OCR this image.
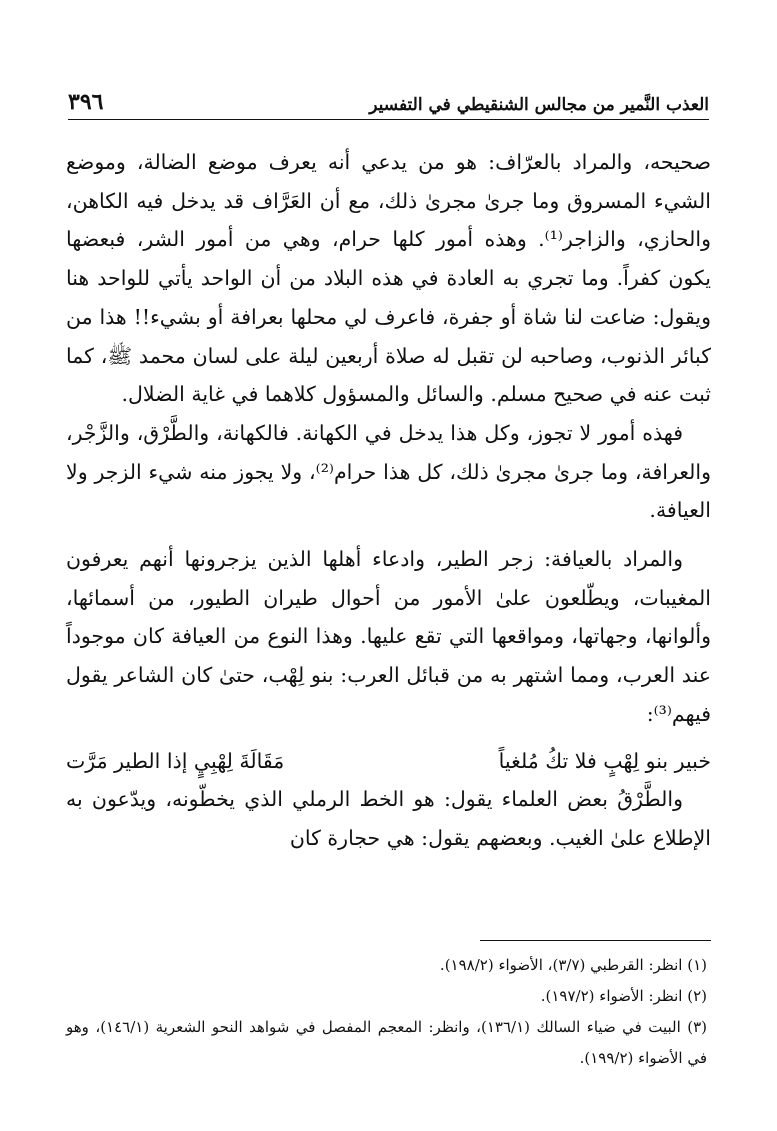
العذب النَّمير من مجالس الشنقيطي في التفسير
٣٩٦

صحيحه، والمراد بالعرّاف: هو من يدعي أنه يعرف موضع الضالة، وموضع الشيء المسروق وما جرىٰ مجرىٰ ذلك، مع أن العَرَّاف قد يدخل فيه الكاهن، والحازي، والزاجر⁽¹⁾. وهذه أمور كلها حرام، وهي من أمور الشر، فبعضها يكون كفراً. وما تجري به العادة في هذه البلاد من أن الواحد يأتي للواحد هنا ويقول: ضاعت لنا شاة أو جفرة، فاعرف لي محلها بعرافة أو بشيء!! هذا من كبائر الذنوب، وصاحبه لن تقبل له صلاة أربعين ليلة على لسان محمد ﷺ، كما ثبت عنه في صحيح مسلم. والسائل والمسؤول كلاهما في غاية الضلال.

فهذه أمور لا تجوز، وكل هذا يدخل في الكهانة. فالكهانة، والطَّرْق، والزَّجْر، والعرافة، وما جرىٰ مجرىٰ ذلك، كل هذا حرام⁽²⁾، ولا يجوز منه شيء الزجر ولا العيافة.

والمراد بالعيافة: زجر الطير، وادعاء أهلها الذين يزجرونها أنهم يعرفون المغيبات، ويطّلعون علىٰ الأمور من أحوال طيران الطيور، من أسمائها، وألوانها، وجهاتها، ومواقعها التي تقع عليها. وهذا النوع من العيافة كان موجوداً عند العرب، ومما اشتهر به من قبائل العرب: بنو لِهْب، حتىٰ كان الشاعر يقول فيهم⁽³⁾:

خبير بنو لِهْبٍ فلا تكُ مُلغياً
مَقَالَةَ لِهْبِيٍ إذا الطير مَرَّت

والطَّرْقُ بعض العلماء يقول: هو الخط الرملي الذي يخطّونه، ويدّعون به الإطلاع علىٰ الغيب. وبعضهم يقول: هي حجارة كان

(١) انظر: القرطبي (٣/٧)، الأضواء (١٩٨/٢).

(٢) انظر: الأضواء (١٩٧/٢).

(٣) البيت في ضياء السالك (١٣٦/١)، وانظر: المعجم المفصل في شواهد النحو الشعرية (١٤٦/١)، وهو في الأضواء (١٩٩/٢).
